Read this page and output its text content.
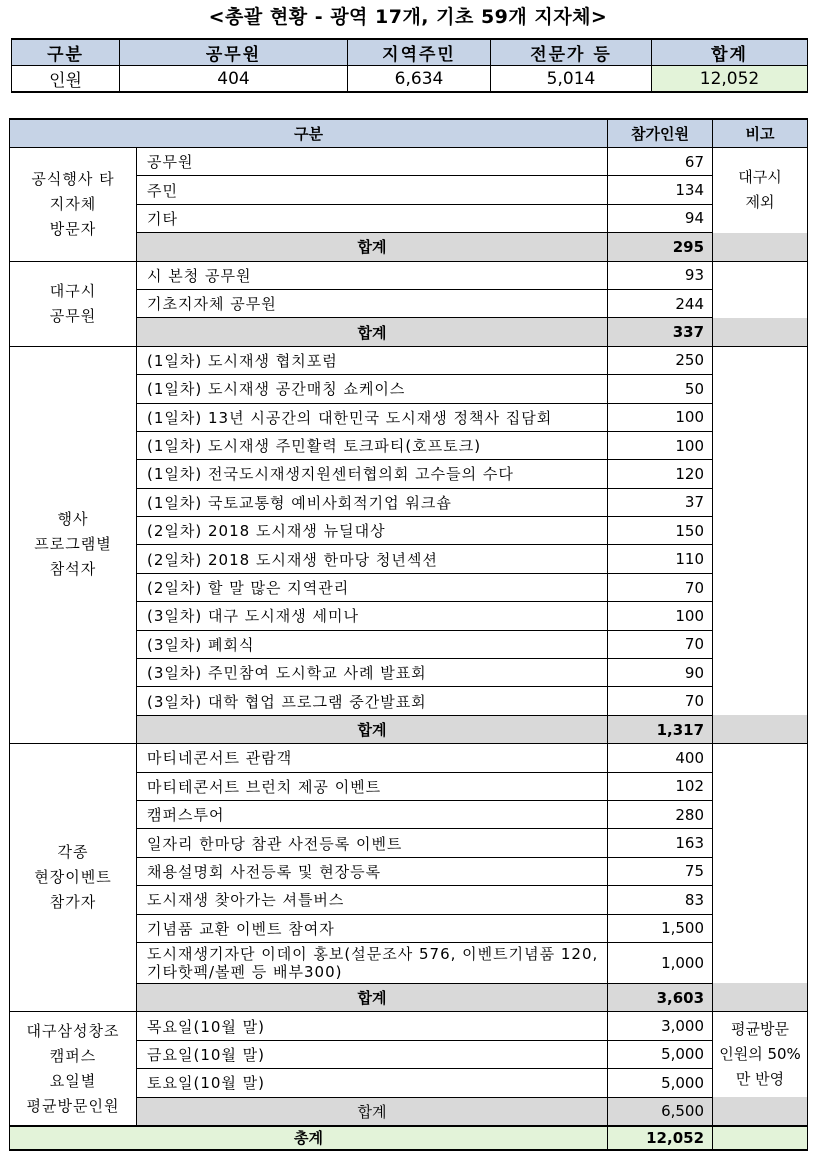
<총괄 현황 - 광역 17개, 기초 59개 지자체>
구분	공무원	지역주민	전문가 등	합계
인원	404	6,634	5,014	12,052
구분		참가인원	비고
공식행사 타
지자체
방문자	공무원	67	대구시
제외
	주민	134	
	기타	94	
	합계	295	
대구시
공무원	시 본청 공무원	93	
	기초지자체 공무원	244	
	합계	337	
행사
프로그램별
참석자	(1일차) 도시재생 협치포럼	250	
	(1일차) 도시재생 공간매칭 쇼케이스	50	
	(1일차) 13년 시공간의 대한민국 도시재생 정책사 집담회	100	
	(1일차) 도시재생 주민활력 토크파티(호프토크)	100	
	(1일차) 전국도시재생지원센터협의회 고수들의 수다	120	
	(1일차) 국토교통형 예비사회적기업 워크숍	37	
	(2일차) 2018 도시재생 뉴딜대상	150	
	(2일차) 2018 도시재생 한마당 청년섹션	110	
	(2일차) 할 말 많은 지역관리	70	
	(3일차) 대구 도시재생 세미나	100	
	(3일차) 폐회식	70	
	(3일차) 주민참여 도시학교 사례 발표회	90	
	(3일차) 대학 협업 프로그램 중간발표회	70	
	합계	1,317	
각종
현장이벤트
참가자	마티네콘서트 관람객	400	
	마티테콘서트 브런치 제공 이벤트	102	
	캠퍼스투어	280	
	일자리 한마당 참관 사전등록 이벤트	163	
	채용설명회 사전등록 및 현장등록	75	
	도시재생 찾아가는 셔틀버스	83	
	기념품 교환 이벤트 참여자	1,500	
	도시재생기자단 이데이 홍보(설문조사 576, 이벤트기념품 120, 기타핫펙/볼펜 등 배부300)	1,000	
	합계	3,603	
대구삼성창조
캠퍼스
요일별
평균방문인원	목요일(10월 말)	3,000	평균방문
인원의 50%
만 반영
	금요일(10월 말)	5,000	
	토요일(10월 말)	5,000	
	합계	6,500	
총계		12,052	
